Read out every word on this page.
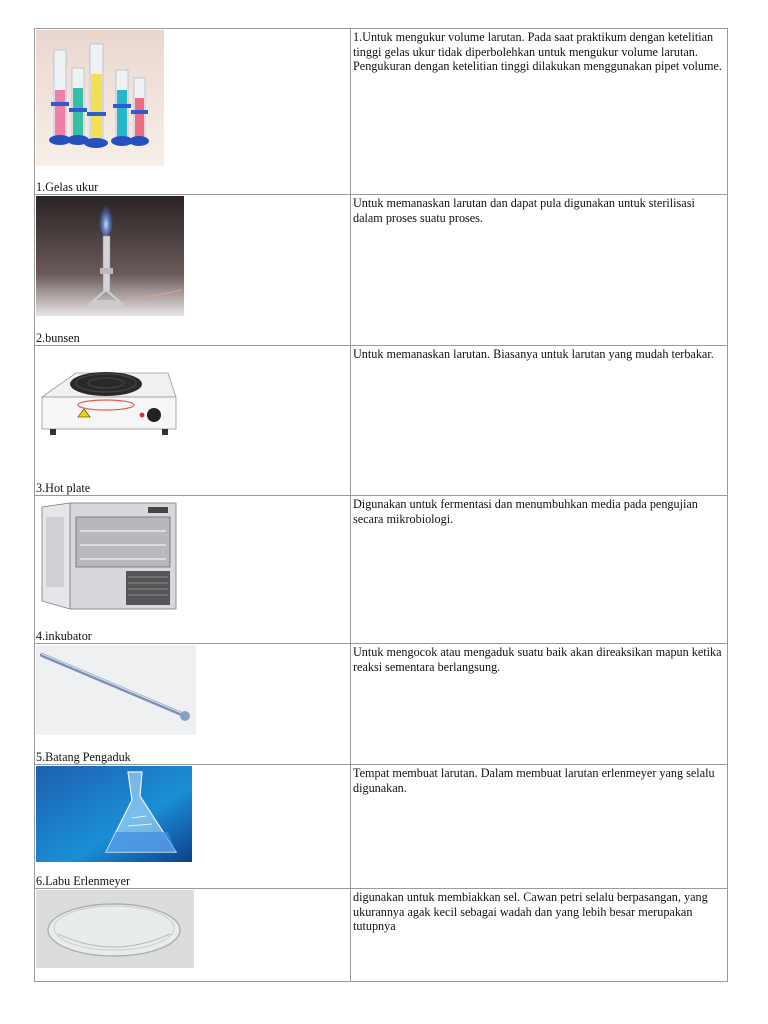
1.Gelas ukur
1.Untuk mengukur volume larutan. Pada saat praktikum dengan ketelitian tinggi gelas ukur tidak diperbolehkan untuk mengukur volume larutan. Pengukuran dengan ketelitian tinggi dilakukan menggunakan pipet volume.
2.bunsen
Untuk memanaskan larutan dan dapat pula digunakan untuk sterilisasi dalam proses suatu proses.
3.Hot plate
Untuk memanaskan larutan. Biasanya untuk larutan yang mudah terbakar.
4.inkubator
Digunakan untuk fermentasi dan menumbuhkan media pada pengujian secara mikrobiologi.
5.Batang Pengaduk
Untuk mengocok atau mengaduk suatu baik akan direaksikan mapun ketika reaksi sementara berlangsung.
6.Labu Erlenmeyer
Tempat membuat larutan. Dalam membuat larutan erlenmeyer yang selalu digunakan.
digunakan untuk membiakkan sel. Cawan petri selalu berpasangan, yang ukurannya agak kecil sebagai wadah dan yang lebih besar merupakan tutupnya
